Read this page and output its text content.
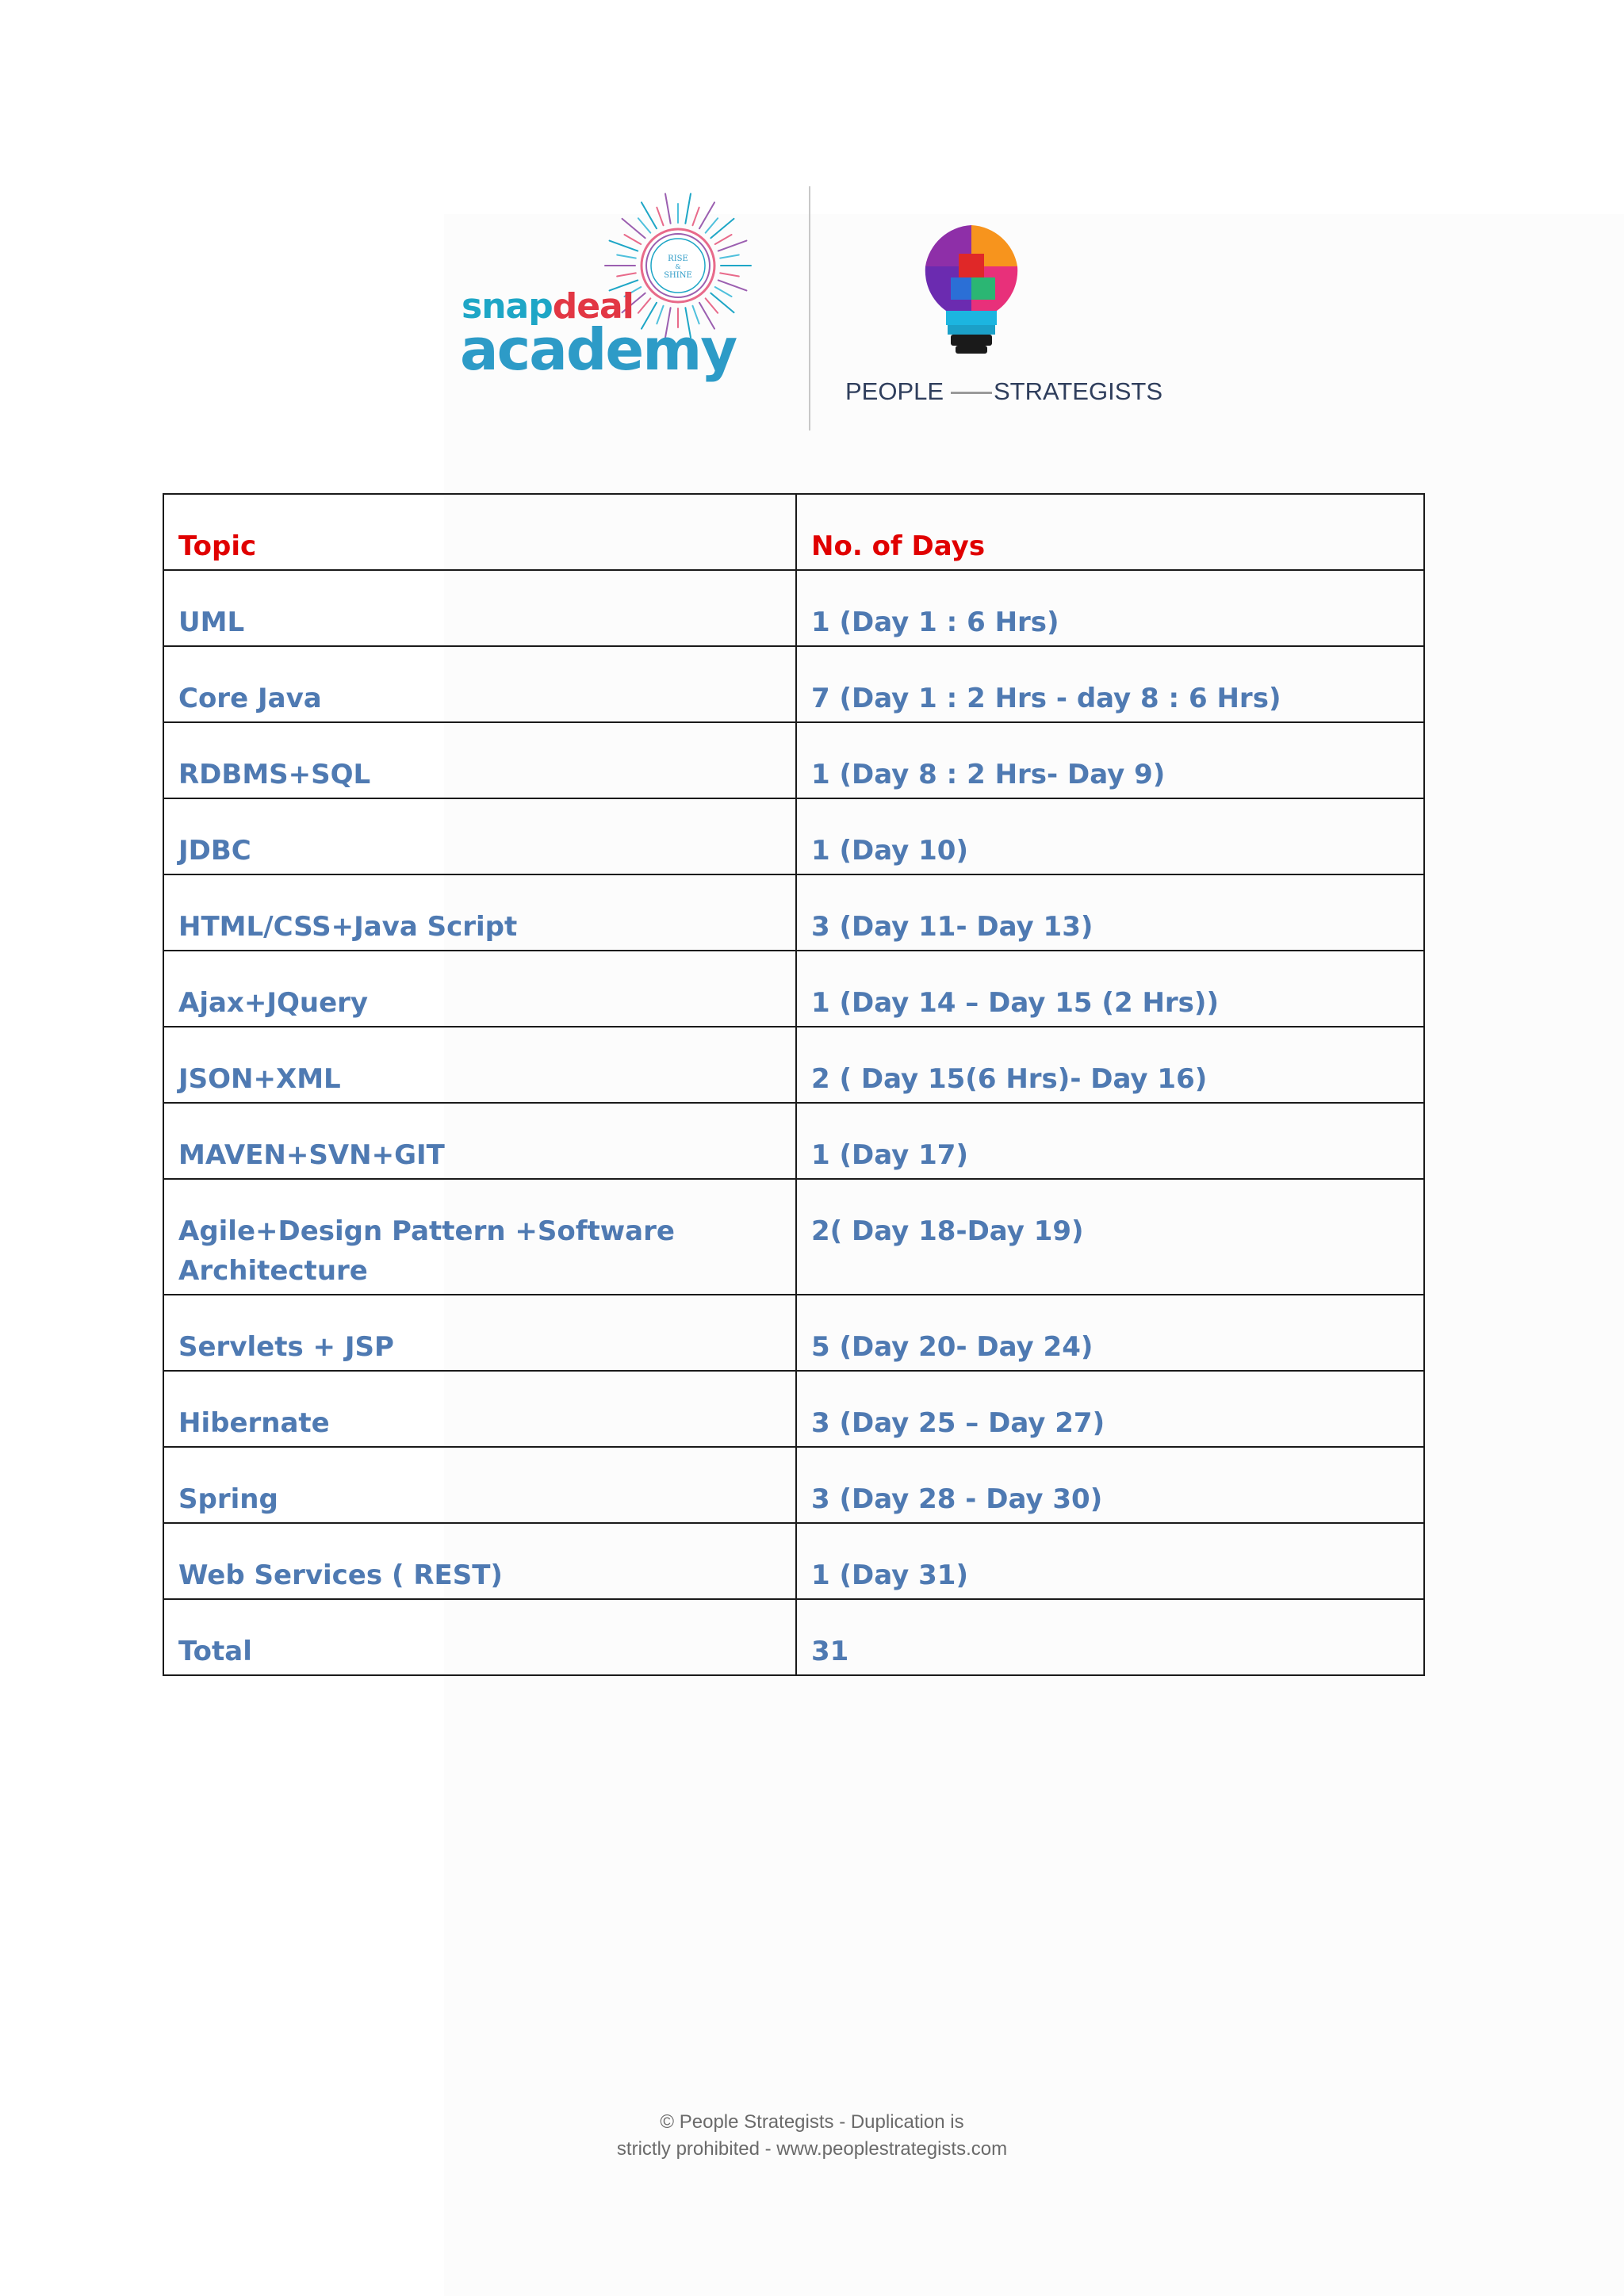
RISE
&
SHINE
snapdeal
academy
PEOPLE STRATEGISTS
Topic	No. of Days
UML	1 (Day 1 : 6 Hrs)
Core Java	7 (Day 1 : 2 Hrs - day 8 : 6 Hrs)
RDBMS+SQL	1 (Day 8 : 2 Hrs- Day 9)
JDBC	1 (Day 10)
HTML/CSS+Java Script	3 (Day 11- Day 13)
Ajax+JQuery	1 (Day 14 – Day 15 (2 Hrs))
JSON+XML	2 ( Day 15(6 Hrs)- Day 16)
MAVEN+SVN+GIT	1 (Day 17)
Agile+Design Pattern +Software Architecture	2( Day 18-Day 19)
Servlets + JSP	5 (Day 20- Day 24)
Hibernate	3 (Day 25 – Day 27)
Spring	3 (Day 28 - Day 30)
Web Services ( REST)	1 (Day 31)
Total	31
© People Strategists - Duplication is
strictly prohibited - www.peoplestrategists.com
